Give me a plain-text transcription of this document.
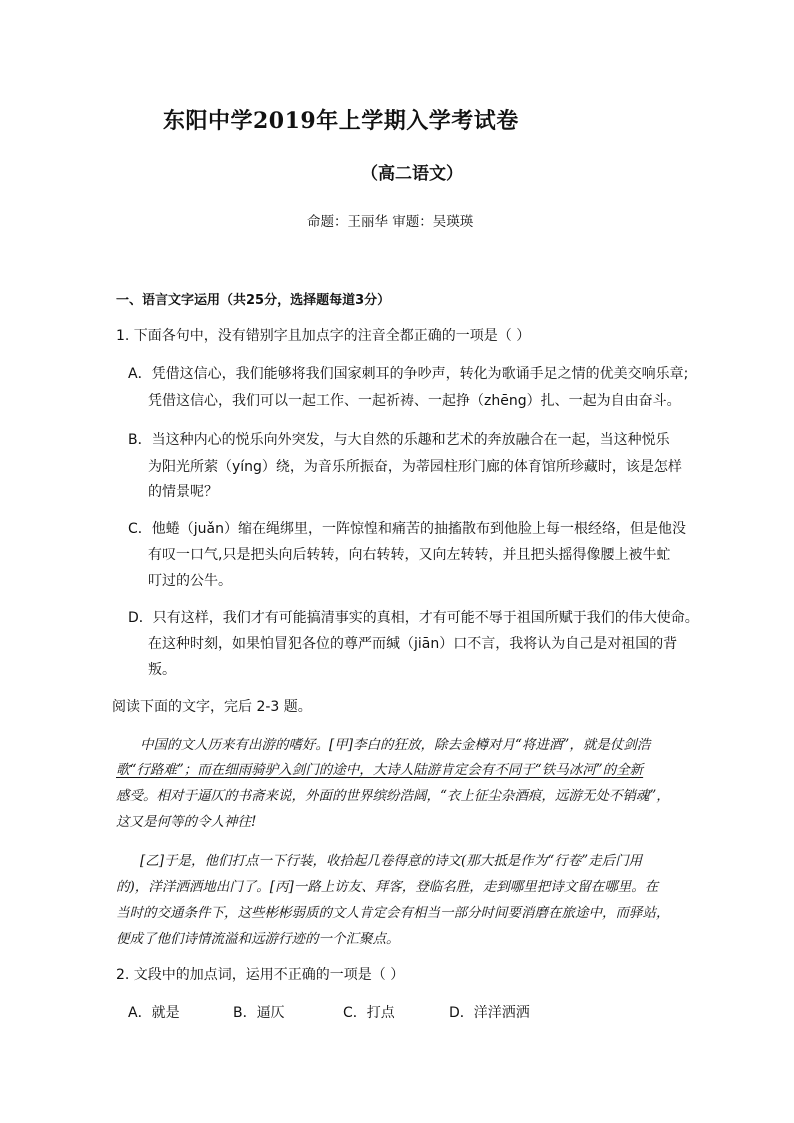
东阳中学2019年上学期入学考试卷
（高二语文）
命题：王丽华 审题：吴瑛瑛
一、语言文字运用（共25分，选择题每道3分）
1. 下面各句中，没有错别字且加点字的注音全都正确的一项是（ ）
A．凭借这信心，我们能够将我们国家刺耳的争吵声，转化为歌诵手足之情的优美交响乐章;
凭借这信心，我们可以一起工作、一起祈祷、一起挣（zhēng）扎、一起为自由奋斗。
B．当这种内心的悦乐向外突发，与大自然的乐趣和艺术的奔放融合在一起，当这种悦乐
为阳光所萦（yíng）绕，为音乐所振奋，为蒂园柱形门廊的体育馆所珍藏时，该是怎样
的情景呢？
C．他蜷（juǎn）缩在绳绑里，一阵惊惶和痛苦的抽搐散布到他脸上每一根经络，但是他没
有叹一口气,只是把头向后转转，向右转转，又向左转转，并且把头摇得像腰上被牛虻
叮过的公牛。
D．只有这样，我们才有可能搞清事实的真相，才有可能不辱于祖国所赋于我们的伟大使命。
在这种时刻，如果怕冒犯各位的尊严而缄（jiān）口不言，我将认为自己是对祖国的背
叛。
阅读下面的文字，完后 2-3 题。
中国的文人历来有出游的嗜好。[甲]李白的狂放，除去金樽对月“将进酒”，就是仗剑浩
歌“行路难”；而在细雨骑驴入剑门的途中，大诗人陆游肯定会有不同于“铁马冰河”的全新
感受。相对于逼仄的书斋来说，外面的世界缤纷浩阔，“衣上征尘杂酒痕，远游无处不销魂”，
这又是何等的令人神往!
[乙]于是，他们打点一下行装，收拾起几卷得意的诗文(那大抵是作为“行卷”走后门用
的)，洋洋洒洒地出门了。[丙]一路上访友、拜客，登临名胜，走到哪里把诗文留在哪里。在
当时的交通条件下，这些彬彬弱质的文人肯定会有相当一部分时间要消磨在旅途中，而驿站，
便成了他们诗情流溢和远游行迹的一个汇聚点。
2. 文段中的加点词，运用不正确的一项是（ ）
A．就是	B．逼仄	C．打点	D．洋洋洒洒
